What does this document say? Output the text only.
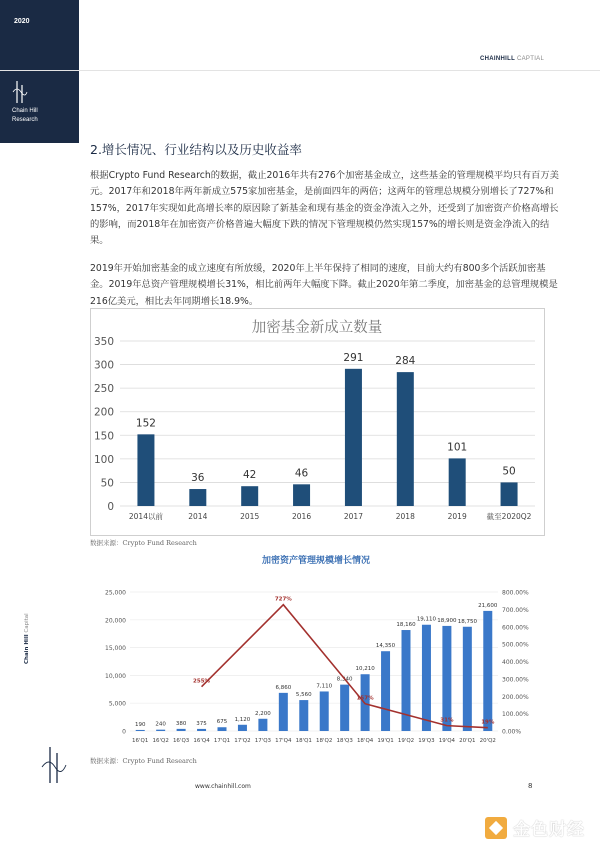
2020
Chain Hill
Research
CHAINHILL CAPTIAL
2.增长情况、行业结构以及历史收益率

根据Crypto Fund Research的数据，截止2016年共有276个加密基金成立，这些基金的管理规模平均只有百万美元。2017年和2018年两年新成立575家加密基金，是前面四年的两倍；这两年的管理总规模分别增长了727%和157%，2017年实现如此高增长率的原因除了新基金和现有基金的资金净流入之外，还受到了加密资产价格高增长的影响，而2018年在加密资产价格普遍大幅度下跌的情况下管理规模仍然实现157%的增长则是资金净流入的结果。

2019年开始加密基金的成立速度有所放缓，2020年上半年保持了相同的速度，目前大约有800多个活跃加密基金。2019年总资产管理规模增长31%，相比前两年大幅度下降。截止2020年第二季度，加密基金的总管理规模是216亿美元，相比去年同期增长18.9%。

加密基金新成立数量
0
50
100
150
200
250
300
350
152
2014以前
36
2014
42
2015
46
2016
291
2017
284
2018
101
2019
50
截至2020Q2
数据来源：Crypto Fund Research
加密资产管理规模增长情况
0
5,000
10,000
15,000
20,000
25,000
0.00%
100.00%
200.00%
300.00%
400.00%
500.00%
600.00%
700.00%
800.00%
190
16'Q1
240
16'Q2
380
16'Q3
375
16'Q4
675
17'Q1
1,120
17'Q2
2,200
17'Q3
6,860
17'Q4
5,560
18'Q1
7,110
18'Q2
8,340
18'Q3
10,210
18'Q4
14,350
19'Q1
18,160
19'Q2
19,110
19'Q3
18,900
19'Q4
18,750
20'Q1
21,600
20'Q2
255%
727%
157%
31%	19%
数据来源：Crypto Fund Research
Chain Hill Capital
www.chainhill.com	8
金色财经
